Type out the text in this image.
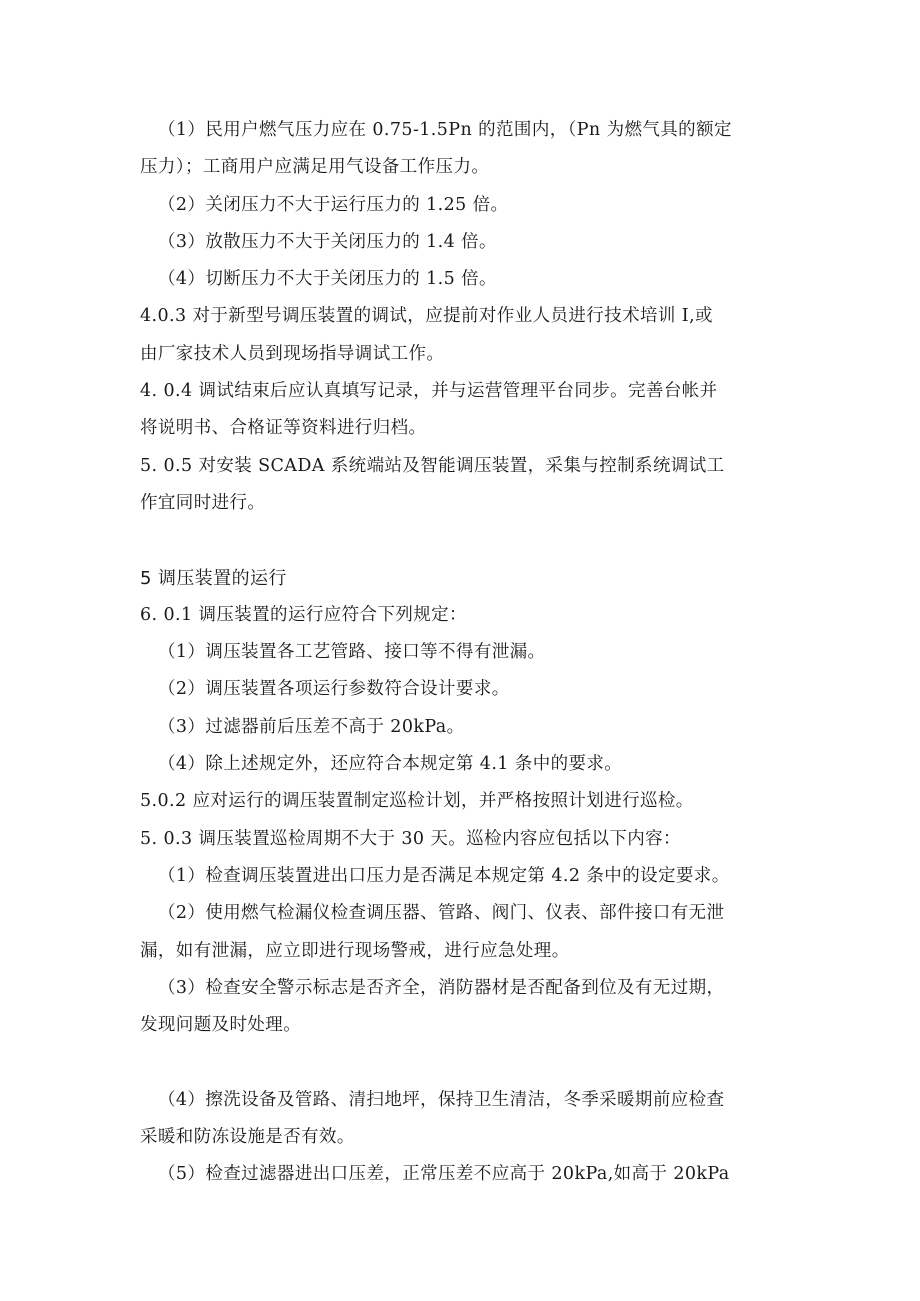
（1）民用户燃气压力应在 0.75-1.5Pn 的范围内，（Pn 为燃气具的额定
压力）；工商用户应满足用气设备工作压力。
（2）关闭压力不大于运行压力的 1.25 倍。
（3）放散压力不大于关闭压力的 1.4 倍。
（4）切断压力不大于关闭压力的 1.5 倍。
4.0.3 对于新型号调压装置的调试，应提前对作业人员进行技术培训 I,或
由厂家技术人员到现场指导调试工作。
4. 0.4 调试结束后应认真填写记录，并与运营管理平台同步。完善台帐并
将说明书、合格证等资料进行归档。
5. 0.5 对安装 SCADA 系统端站及智能调压装置，采集与控制系统调试工
作宜同时进行。
5 调压装置的运行
6. 0.1 调压装置的运行应符合下列规定：
（1）调压装置各工艺管路、接口等不得有泄漏。
（2）调压装置各项运行参数符合设计要求。
（3）过滤器前后压差不高于 20kPa。
（4）除上述规定外，还应符合本规定第 4.1 条中的要求。
5.0.2 应对运行的调压装置制定巡检计划，并严格按照计划进行巡检。
5. 0.3 调压装置巡检周期不大于 30 天。巡检内容应包括以下内容：
（1）检查调压装置进出口压力是否满足本规定第 4.2 条中的设定要求。
（2）使用燃气检漏仪检查调压器、管路、阀门、仪表、部件接口有无泄
漏，如有泄漏，应立即进行现场警戒，进行应急处理。
（3）检查安全警示标志是否齐全，消防器材是否配备到位及有无过期，
发现问题及时处理。
（4）擦洗设备及管路、清扫地坪，保持卫生清洁，冬季采暖期前应检查
采暖和防冻设施是否有效。
（5）检查过滤器进出口压差，正常压差不应高于 20kPa,如高于 20kPa
